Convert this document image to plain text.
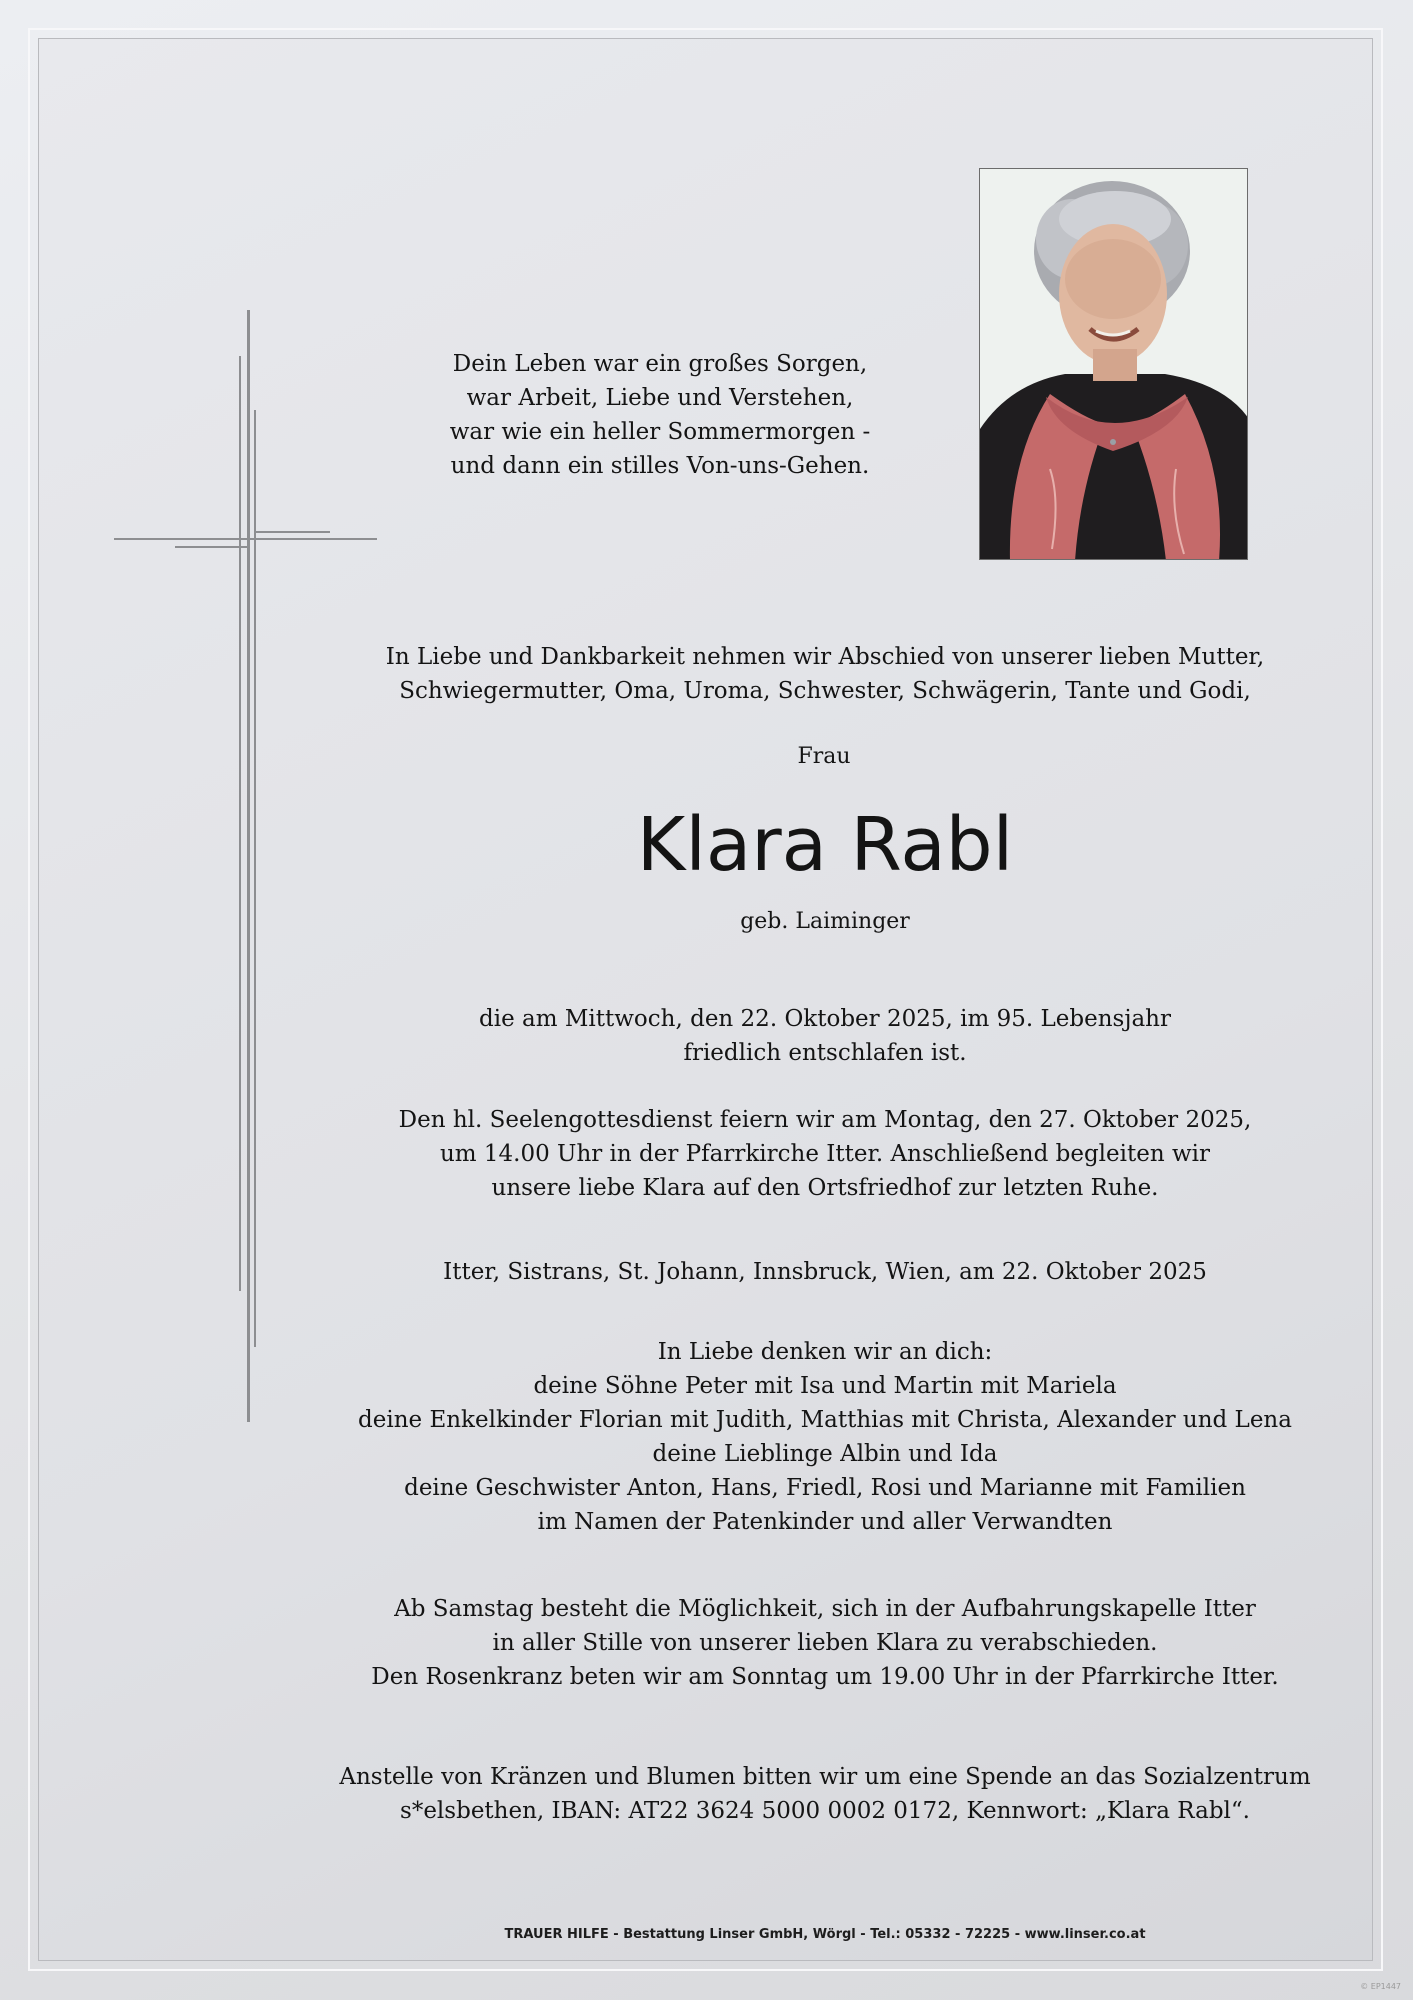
Dein Leben war ein großes Sorgen,
war Arbeit, Liebe und Verstehen,
war wie ein heller Sommermorgen -
und dann ein stilles Von-uns-Gehen.
In Liebe und Dankbarkeit nehmen wir Abschied von unserer lieben Mutter,
Schwiegermutter, Oma, Uroma, Schwester, Schwägerin, Tante und Godi,
Frau
Klara Rabl
geb. Laiminger
die am Mittwoch, den 22. Oktober 2025, im 95. Lebensjahr
friedlich entschlafen ist.
Den hl. Seelengottesdienst feiern wir am Montag, den 27. Oktober 2025,
um 14.00 Uhr in der Pfarrkirche Itter. Anschließend begleiten wir
unsere liebe Klara auf den Ortsfriedhof zur letzten Ruhe.
Itter, Sistrans, St. Johann, Innsbruck, Wien, am 22. Oktober 2025
In Liebe denken wir an dich:
deine Söhne Peter mit Isa und Martin mit Mariela
deine Enkelkinder Florian mit Judith, Matthias mit Christa, Alexander und Lena
deine Lieblinge Albin und Ida
deine Geschwister Anton, Hans, Friedl, Rosi und Marianne mit Familien
im Namen der Patenkinder und aller Verwandten
Ab Samstag besteht die Möglichkeit, sich in der Aufbahrungskapelle Itter
in aller Stille von unserer lieben Klara zu verabschieden.
Den Rosenkranz beten wir am Sonntag um 19.00 Uhr in der Pfarrkirche Itter.
Anstelle von Kränzen und Blumen bitten wir um eine Spende an das Sozialzentrum
s*elsbethen, IBAN: AT22 3624 5000 0002 0172, Kennwort: „Klara Rabl“.
TRAUER HILFE - Bestattung Linser GmbH, Wörgl - Tel.: 05332 - 72225 - www.linser.co.at
© EP1447
